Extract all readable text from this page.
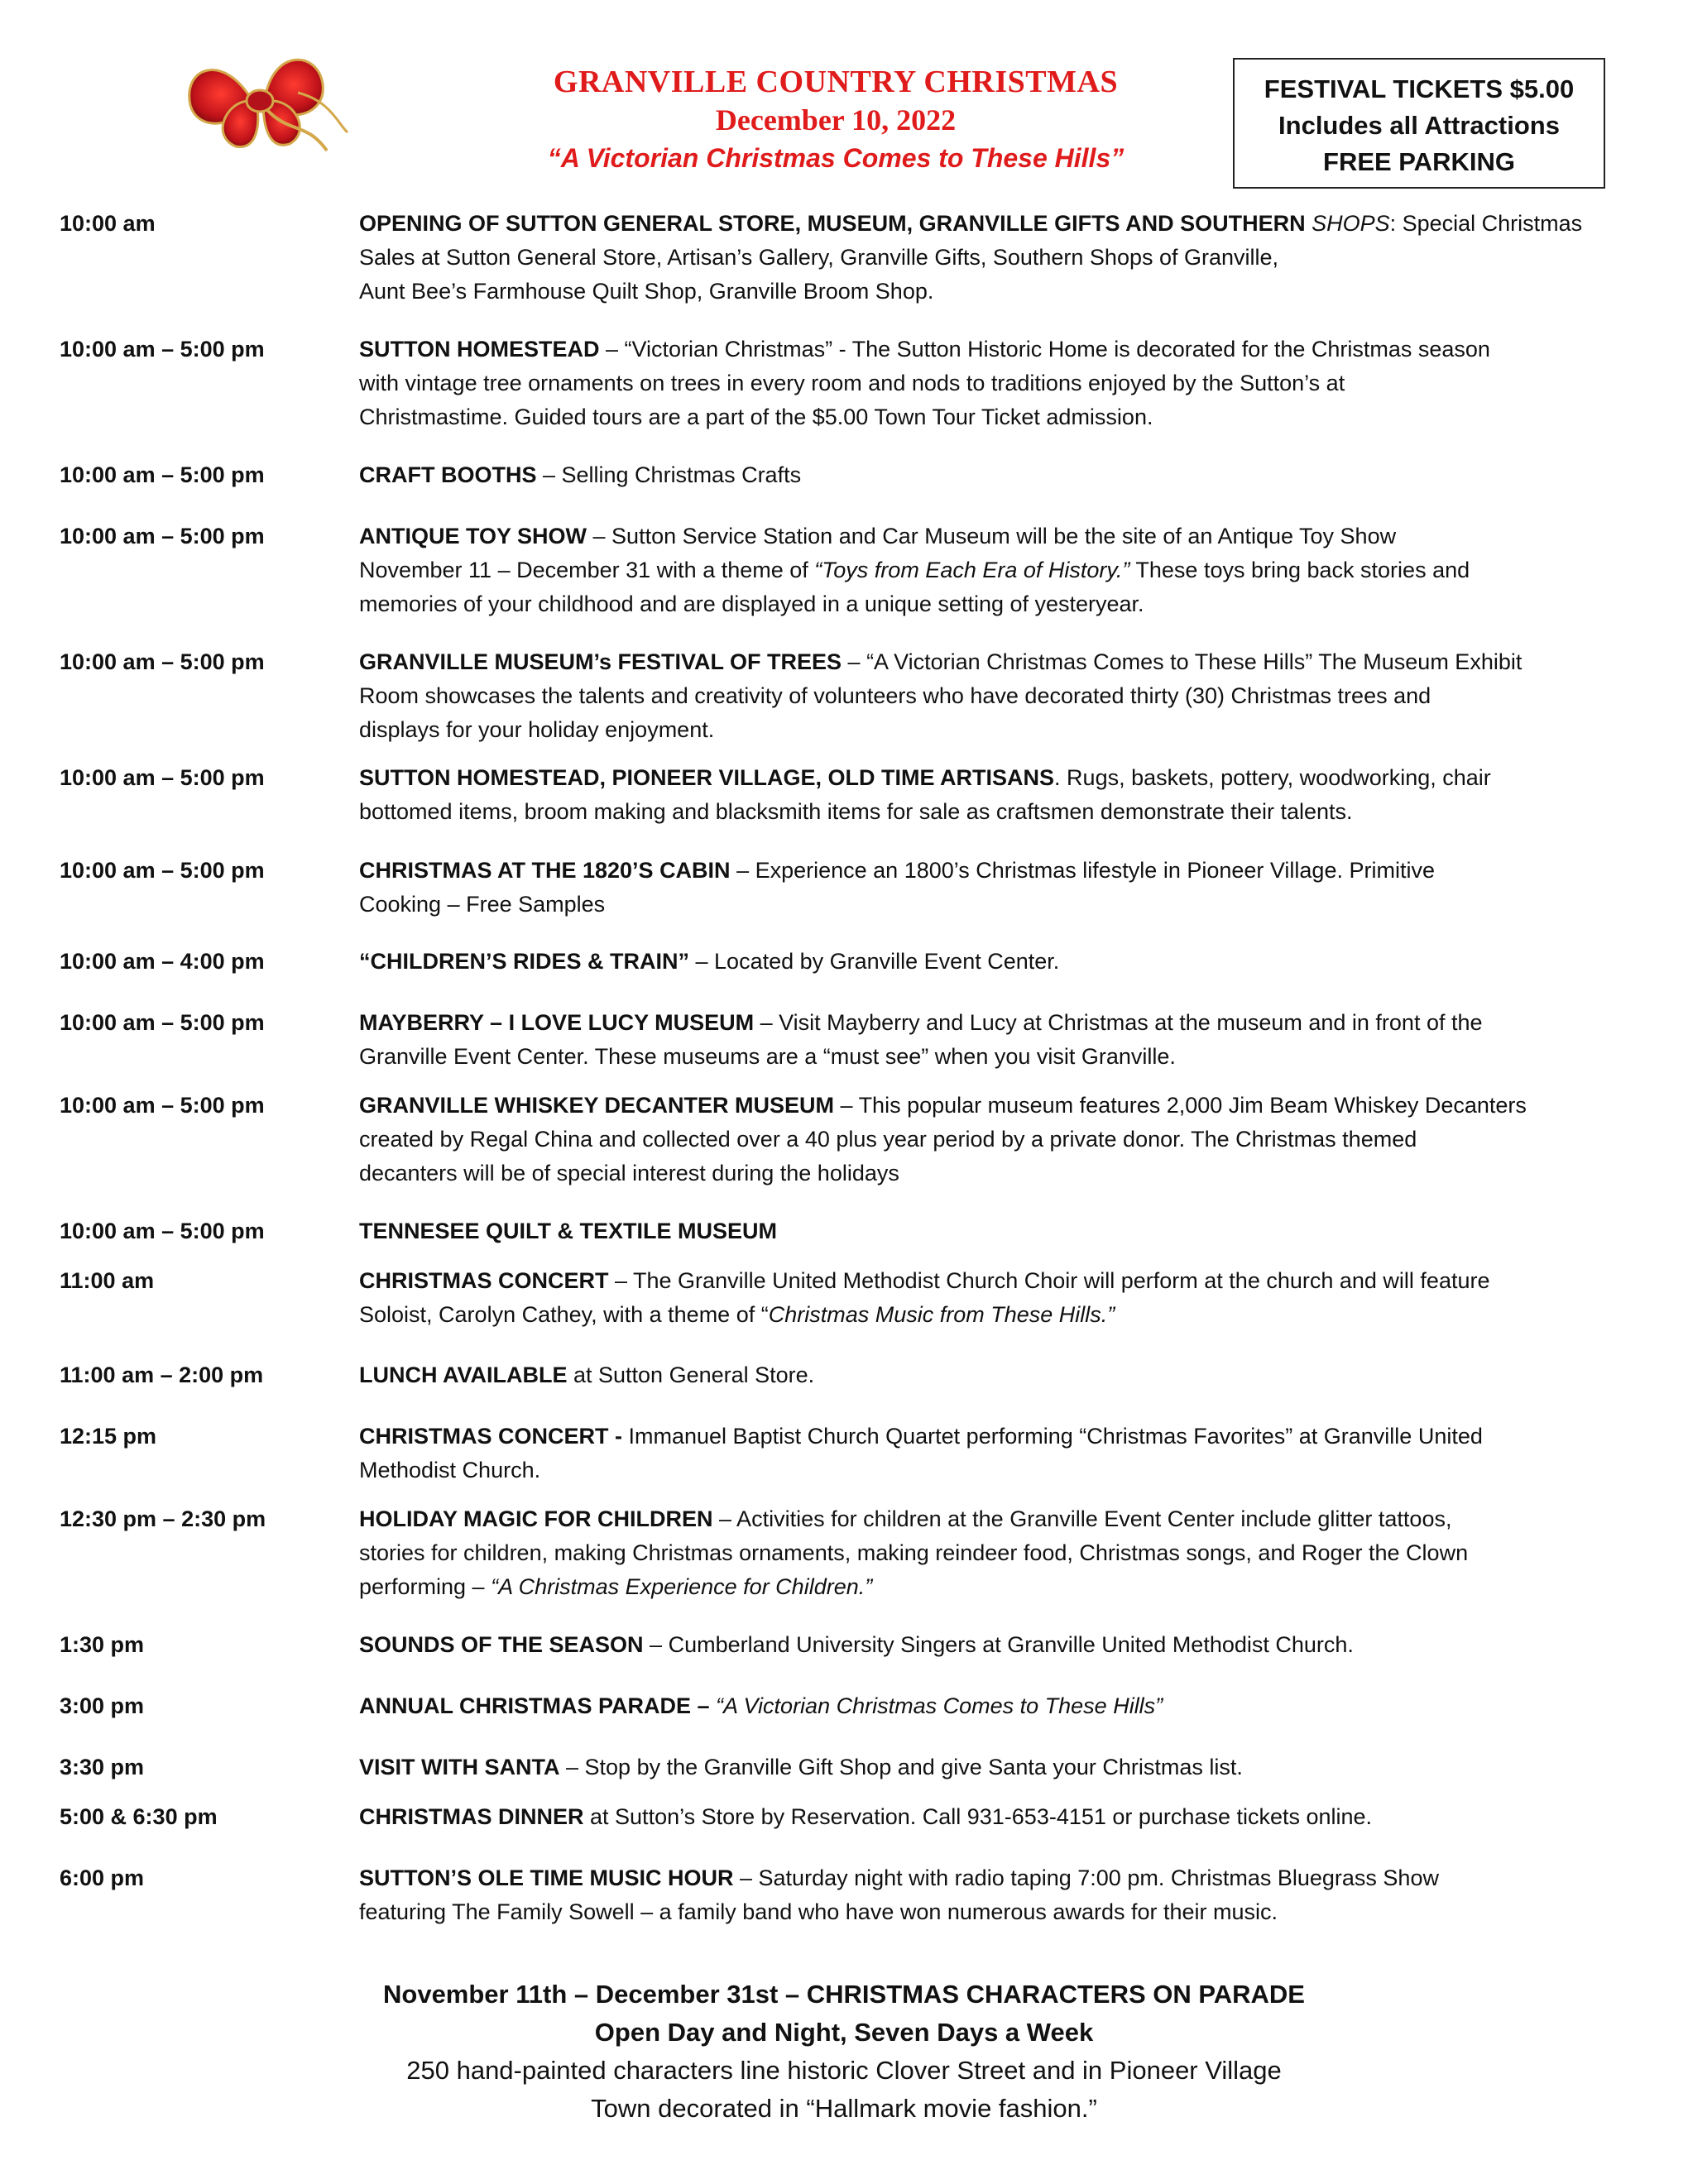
GRANVILLE COUNTRY CHRISTMAS
December 10, 2022
“A Victorian Christmas Comes to These Hills”
FESTIVAL TICKETS $5.00
Includes all Attractions
FREE PARKING
10:00 am	OPENING OF SUTTON GENERAL STORE, MUSEUM, GRANVILLE GIFTS AND SOUTHERN SHOPS: Special Christmas
Sales at Sutton General Store, Artisan’s Gallery, Granville Gifts, Southern Shops of Granville,
Aunt Bee’s Farmhouse Quilt Shop, Granville Broom Shop.
10:00 am – 5:00 pm	SUTTON HOMESTEAD – “Victorian Christmas” - The Sutton Historic Home is decorated for the Christmas season
with vintage tree ornaments on trees in every room and nods to traditions enjoyed by the Sutton’s at
Christmastime. Guided tours are a part of the $5.00 Town Tour Ticket admission.
10:00 am – 5:00 pm	CRAFT BOOTHS – Selling Christmas Crafts
10:00 am – 5:00 pm	ANTIQUE TOY SHOW – Sutton Service Station and Car Museum will be the site of an Antique Toy Show
November 11 – December 31 with a theme of “Toys from Each Era of History.” These toys bring back stories and
memories of your childhood and are displayed in a unique setting of yesteryear.
10:00 am – 5:00 pm	GRANVILLE MUSEUM’s FESTIVAL OF TREES – “A Victorian Christmas Comes to These Hills” The Museum Exhibit
Room showcases the talents and creativity of volunteers who have decorated thirty (30) Christmas trees and
displays for your holiday enjoyment.
10:00 am – 5:00 pm	SUTTON HOMESTEAD, PIONEER VILLAGE, OLD TIME ARTISANS. Rugs, baskets, pottery, woodworking, chair
bottomed items, broom making and blacksmith items for sale as craftsmen demonstrate their talents.
10:00 am – 5:00 pm	CHRISTMAS AT THE 1820’S CABIN – Experience an 1800’s Christmas lifestyle in Pioneer Village. Primitive
Cooking – Free Samples
10:00 am – 4:00 pm	“CHILDREN’S RIDES & TRAIN” – Located by Granville Event Center.
10:00 am – 5:00 pm	MAYBERRY – I LOVE LUCY MUSEUM – Visit Mayberry and Lucy at Christmas at the museum and in front of the
Granville Event Center. These museums are a “must see” when you visit Granville.
10:00 am – 5:00 pm	GRANVILLE WHISKEY DECANTER MUSEUM – This popular museum features 2,000 Jim Beam Whiskey Decanters
created by Regal China and collected over a 40 plus year period by a private donor. The Christmas themed
decanters will be of special interest during the holidays
10:00 am – 5:00 pm	TENNESEE QUILT & TEXTILE MUSEUM
11:00 am	CHRISTMAS CONCERT – The Granville United Methodist Church Choir will perform at the church and will feature
Soloist, Carolyn Cathey, with a theme of “Christmas Music from These Hills.”
11:00 am – 2:00 pm	LUNCH AVAILABLE at Sutton General Store.
12:15 pm	CHRISTMAS CONCERT - Immanuel Baptist Church Quartet performing “Christmas Favorites” at Granville United
Methodist Church.
12:30 pm – 2:30 pm	HOLIDAY MAGIC FOR CHILDREN – Activities for children at the Granville Event Center include glitter tattoos,
stories for children, making Christmas ornaments, making reindeer food, Christmas songs, and Roger the Clown
performing – “A Christmas Experience for Children.”
1:30 pm	SOUNDS OF THE SEASON – Cumberland University Singers at Granville United Methodist Church.
3:00 pm	ANNUAL CHRISTMAS PARADE – “A Victorian Christmas Comes to These Hills”
3:30 pm	VISIT WITH SANTA – Stop by the Granville Gift Shop and give Santa your Christmas list.
5:00 & 6:30 pm	CHRISTMAS DINNER at Sutton’s Store by Reservation. Call 931-653-4151 or purchase tickets online.
6:00 pm	SUTTON’S OLE TIME MUSIC HOUR – Saturday night with radio taping 7:00 pm. Christmas Bluegrass Show
featuring The Family Sowell – a family band who have won numerous awards for their music.
November 11th – December 31st – CHRISTMAS CHARACTERS ON PARADE
Open Day and Night, Seven Days a Week
250 hand-painted characters line historic Clover Street and in Pioneer Village
Town decorated in “Hallmark movie fashion.”
